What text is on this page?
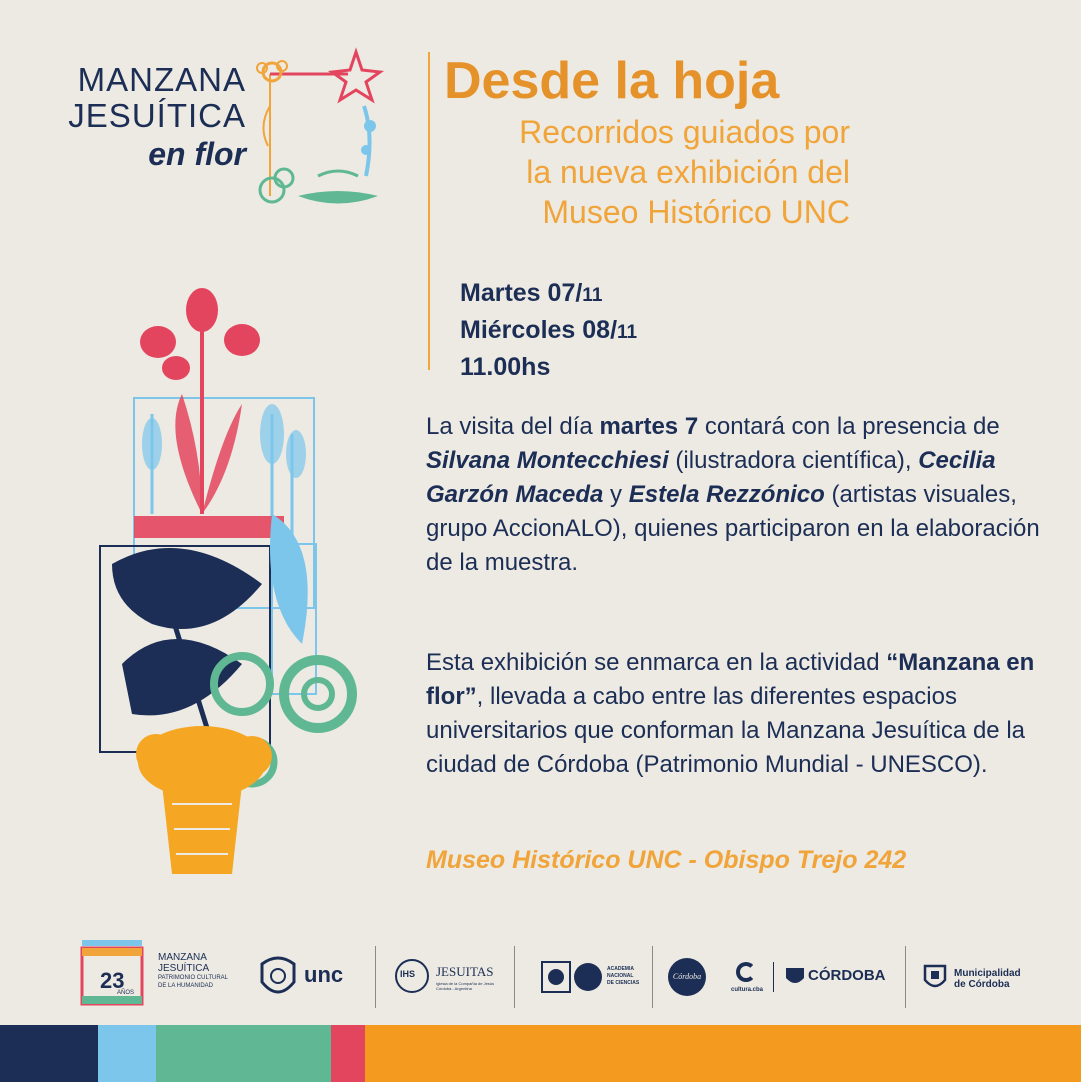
MANZANA
JESUÍTICA
en flor
Desde la hoja
Recorridos guiados por
la nueva exhibición del
Museo Histórico UNC
Martes 07/11
Miércoles 08/11
11.00hs
La visita del día martes 7 contará con la presencia de Silvana Montecchiesi (ilustradora científica), Cecilia Garzón Maceda y Estela Rezzónico (artistas visuales, grupo AccionALO), quienes participaron en la elaboración de la muestra.
Esta exhibición se enmarca en la actividad “Manzana en flor”, llevada a cabo entre las diferentes espacios universitarios que conforman la Manzana Jesuítica de la ciudad de Córdoba (Patrimonio Mundial - UNESCO).
Museo Histórico UNC - Obispo Trejo 242
23
AÑOS
MANZANA
JESUÍTICA
PATRIMONIO CULTURAL
DE LA HUMANIDAD	unc	IHS JESUITAS
Iglesia de la Compañía de Jesús Córdoba - Argentina
ACADEMIA
NACIONAL
DE CIENCIAS
Córdoba
cultura.cba
CÓRDOBA	Municipalidad
de Córdoba
